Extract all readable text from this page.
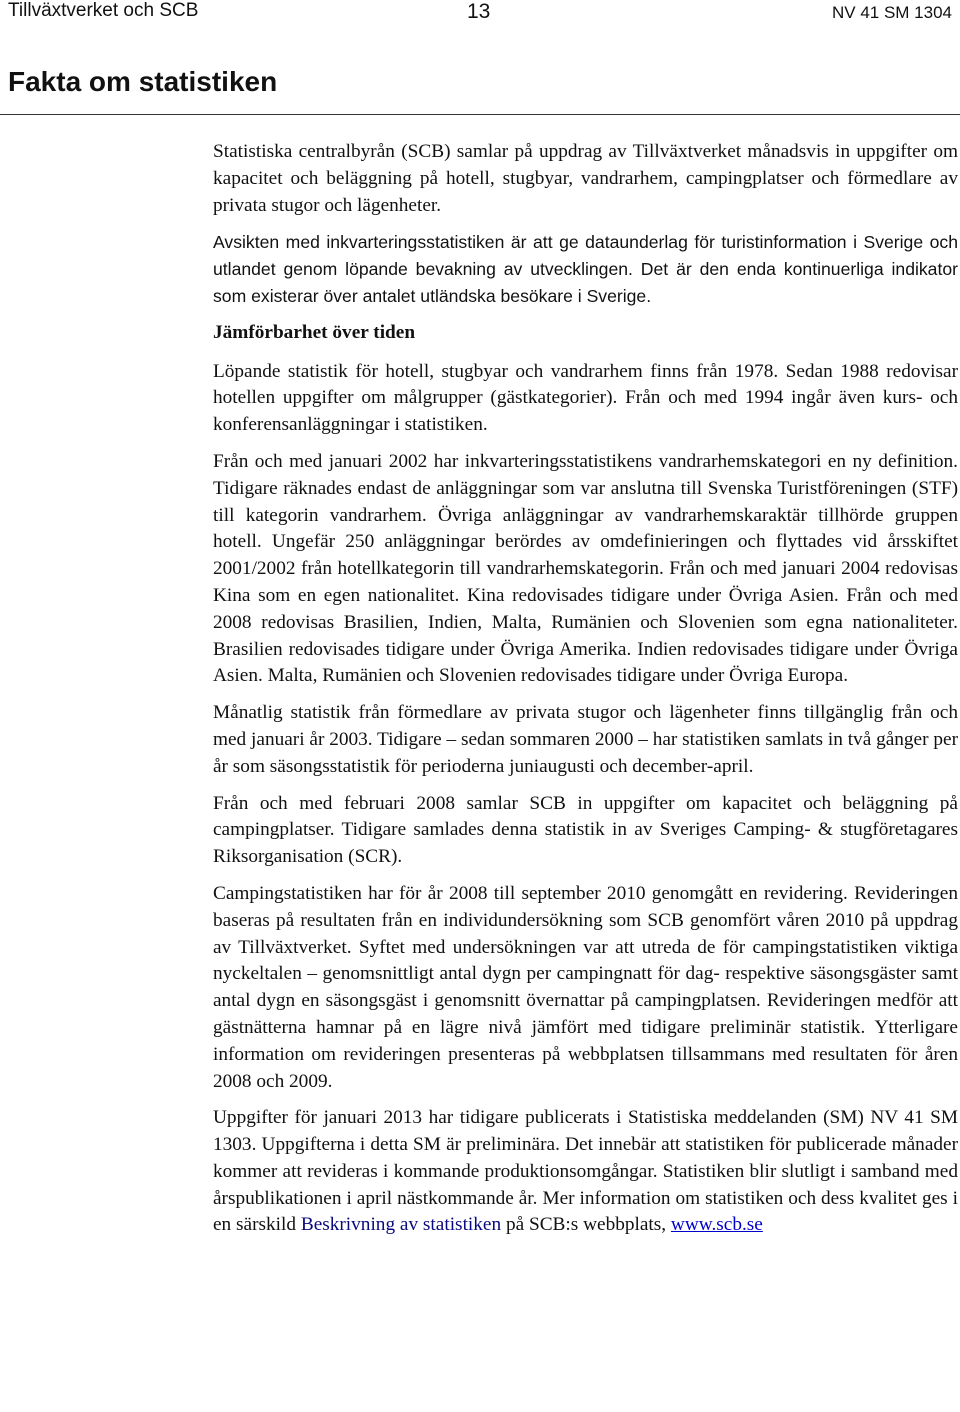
Tillväxtverket och SCB	13	NV 41 SM 1304
Fakta om statistiken

Statistiska centralbyrån (SCB) samlar på uppdrag av Tillväxtverket månadsvis in uppgifter om kapacitet och beläggning på hotell, stugbyar, vandrarhem, campingplatser och förmedlare av privata stugor och lägenheter.

Avsikten med inkvarteringsstatistiken är att ge dataunderlag för turistinformation i Sverige och utlandet genom löpande bevakning av utvecklingen. Det är den enda kontinuerliga indikator som existerar över antalet utländska besökare i Sverige.

Jämförbarhet över tiden

Löpande statistik för hotell, stugbyar och vandrarhem finns från 1978. Sedan 1988 redovisar hotellen uppgifter om målgrupper (gästkategorier). Från och med 1994 ingår även kurs- och konferensanläggningar i statistiken.

Från och med januari 2002 har inkvarteringsstatistikens vandrarhemskategori en ny definition. Tidigare räknades endast de anläggningar som var anslutna till Svenska Turistföreningen (STF) till kategorin vandrarhem. Övriga anläggningar av vandrarhemskaraktär tillhörde gruppen hotell. Ungefär 250 anläggningar berördes av omdefinieringen och flyttades vid årsskiftet 2001/2002 från hotellkategorin till vandrarhemskategorin. Från och med januari 2004 redovisas Kina som en egen nationalitet. Kina redovisades tidigare under Övriga Asien. Från och med 2008 redovisas Brasilien, Indien, Malta, Rumänien och Slovenien som egna nationaliteter. Brasilien redovisades tidigare under Övriga Amerika. Indien redovisades tidigare under Övriga Asien. Malta, Rumänien och Slovenien redovisades tidigare under Övriga Europa.

Månatlig statistik från förmedlare av privata stugor och lägenheter finns tillgänglig från och med januari år 2003. Tidigare – sedan sommaren 2000 – har statistiken samlats in två gånger per år som säsongsstatistik för perioderna juniaugusti och december-april.

Från och med februari 2008 samlar SCB in uppgifter om kapacitet och beläggning på campingplatser. Tidigare samlades denna statistik in av Sveriges Camping- & stugföretagares Riksorganisation (SCR).

Campingstatistiken har för år 2008 till september 2010 genomgått en revidering. Revideringen baseras på resultaten från en individundersökning som SCB genomfört våren 2010 på uppdrag av Tillväxtverket. Syftet med undersökningen var att utreda de för campingstatistiken viktiga nyckeltalen – genomsnittligt antal dygn per campingnatt för dag- respektive säsongsgäster samt antal dygn en säsongsgäst i genomsnitt övernattar på campingplatsen. Revideringen medför att gästnätterna hamnar på en lägre nivå jämfört med tidigare preliminär statistik. Ytterligare information om revideringen presenteras på webbplatsen tillsammans med resultaten för åren 2008 och 2009.

Uppgifter för januari 2013 har tidigare publicerats i Statistiska meddelanden (SM) NV 41 SM 1303. Uppgifterna i detta SM är preliminära. Det innebär att statistiken för publicerade månader kommer att revideras i kommande produktionsomgångar. Statistiken blir slutligt i samband med årspublikationen i april nästkommande år. Mer information om statistiken och dess kvalitet ges i en särskild Beskrivning av statistiken på SCB:s webbplats, www.scb.se
